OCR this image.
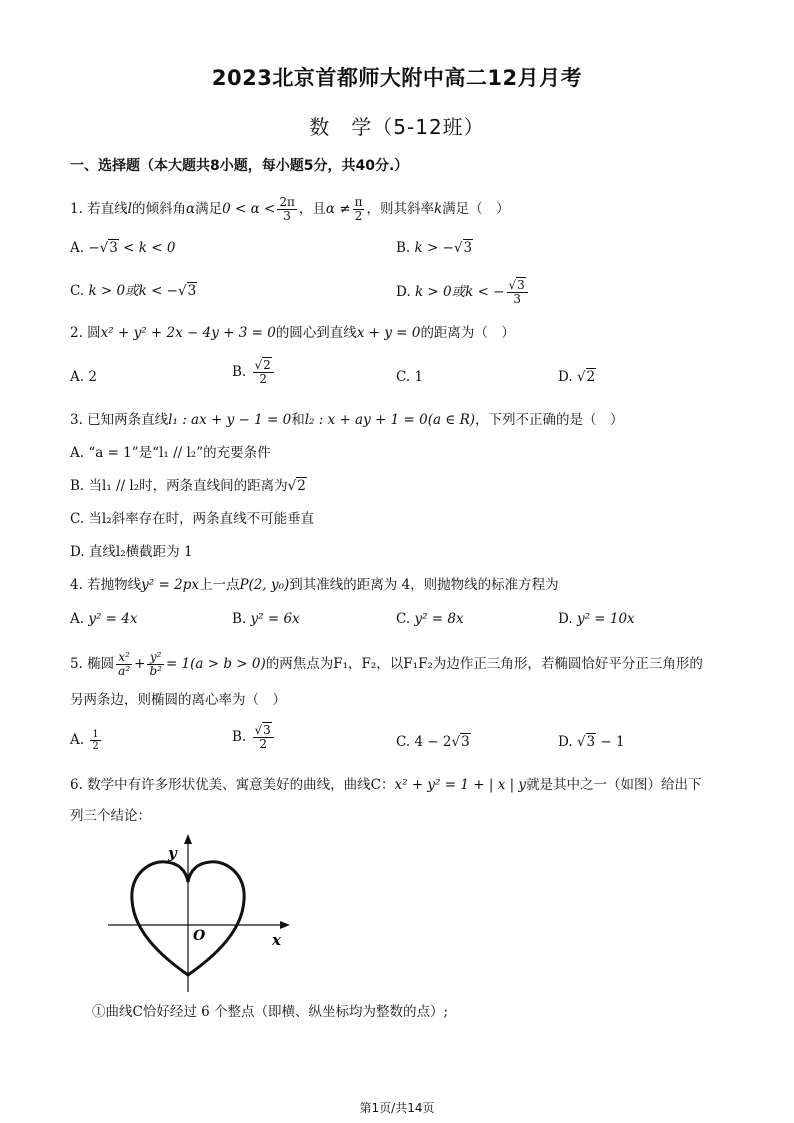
2023北京首都师大附中高二12月月考
数　学（5-12班）
一、选择题（本大题共8小题，每小题5分，共40分.）
1. 若直线l的倾斜角α满足$0 < \alpha < \frac{2\pi}{3}$ ，且$\alpha \ne \frac{\pi}{2}$ ，则其斜率k满足（　）
A. −√3 < k < 0	B. k > −√3
C. k > 0或k < −√3	D. k > 0或k < − $\frac{√3}{3}$
2. 圆x² + y² + 2x − 4y + 3 = 0的圆心到直线x + y = 0的距离为（　）
A. 2	B. $\frac{√2}{2}$	C. 1	D. √2
3. 已知两条直线l₁ : ax + y − 1 = 0和l₂ : x + ay + 1 = 0(a ∈ R)，下列不正确的是（　）
A. “a = 1”是“l₁ // l₂”的充要条件
B. 当l₁ // l₂时，两条直线间的距离为√2
C. 当l₂斜率存在时，两条直线不可能垂直
D. 直线l₂横截距为 1
4. 若抛物线y² = 2px上一点P(2, y₀)到其准线的距离为 4，则抛物线的标准方程为
A. y² = 4x	B. y² = 6x	C. y² = 8x	D. y² = 10x
5. 椭圆 $\frac{\text{x²}}{\text{a²}} + \frac{\text{y²}}{\text{b²}} = 1(a > b > 0)$的两焦点为F₁，F₂，以F₁F₂为边作正三角形，若椭圆恰好平分正三角形的
另两条边，则椭圆的离心率为（　）
A. $\frac{1}{2}$	B. $\frac{√3}{2}$	C. 4 − 2√3	D. √3 − 1
6. 数学中有许多形状优美、寓意美好的曲线，曲线C：x² + y² = 1 + | x | y就是其中之一（如图）给出下
列三个结论：
y
x
O
①曲线C恰好经过 6 个整点（即横、纵坐标均为整数的点）;
第1页/共14页
